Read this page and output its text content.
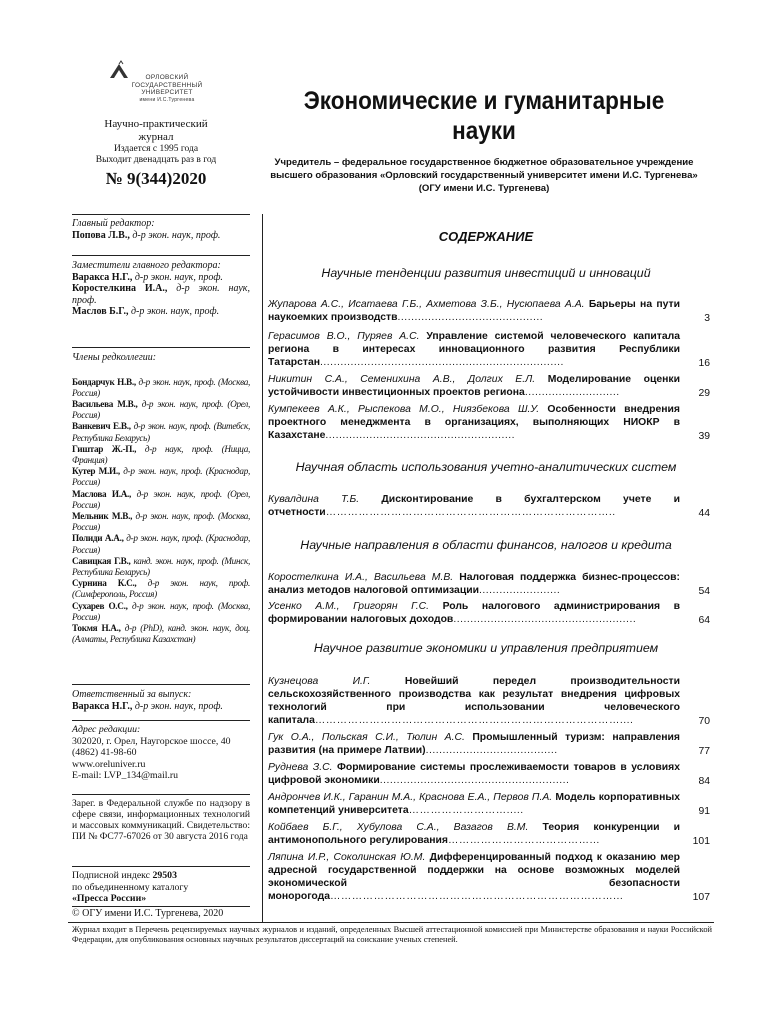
ОРЛОВСКИЙ
ГОСУДАРСТВЕННЫЙ
УНИВЕРСИТЕТ
имени И.С.Тургенева
Научно-практический
журнал
Издается с 1995 года
Выходит двенадцать раз в год
№ 9(344)2020
Экономические и гуманитарные науки
Учредитель – федеральное государственное бюджетное образовательное учреждение высшего образования «Орловский государственный университет имени И.С. Тургенева» (ОГУ имени И.С. Тургенева)
Главный редактор:
Попова Л.В., д-р экон. наук, проф.
Заместители главного редактора:
Варакса Н.Г., д-р экон. наук, проф.
Коростелкина И.А., д-р экон. наук, проф.
Маслов Б.Г., д-р экон. наук, проф.
Члены редколлегии:
Бондарчук Н.В., д-р экон. наук, проф. (Москва, Россия)
Васильева М.В., д-р экон. наук, проф. (Орел, Россия)
Ванкевич Е.В., д-р экон. наук, проф. (Витебск, Республика Беларусь)
Гиштар Ж.-П., д-р наук, проф. (Ницца, Франция)
Кутер М.И., д-р экон. наук, проф. (Краснодар, Россия)
Маслова И.А., д-р экон. наук, проф. (Орел, Россия)
Мельник М.В., д-р экон. наук, проф. (Москва, Россия)
Полиди А.А., д-р экон. наук, проф. (Краснодар, Россия)
Савицкая Г.В., канд. экон. наук, проф. (Минск, Республика Беларусь)
Сурнина К.С., д-р экон. наук, проф. (Симферополь, Россия)
Сухарев О.С., д-р экон. наук, проф. (Москва, Россия)
Токмя Н.А., д-р (PhD), канд. экон. наук, доц. (Алматы, Республика Казахстан)
Ответственный за выпуск:
Варакса Н.Г., д-р экон. наук, проф.
Адрес редакции:
302020, г. Орел, Наугорское шоссе, 40
(4862) 41-98-60
www.oreluniver.ru
E-mail: LVP_134@mail.ru
Зарег. в Федеральной службе по надзору в сфере связи, информационных технологий и массовых коммуникаций. Свидетельство: ПИ № ФС77-67026 от 30 августа 2016 года
Подписной индекс 29503
по объединенному каталогу
«Пресса России»
© ОГУ имени И.С. Тургенева, 2020
СОДЕРЖАНИЕ
Научные тенденции развития инвестиций и инноваций
Жупарова А.С., Исатаева Г.Б., Ахметова З.Б., Нусюпаева А.А. Барьеры на пути наукоемких производств...........................................	3
Герасимов В.О., Пуряев А.С. Управление системой человеческого капитала региона в интересах инновационного развития Республики Татарстан........................................................................	16
Никитин С.А., Семенихина А.В., Долгих Е.Л. Моделирование оценки устойчивости инвестиционных проектов региона............................	29
Кумпекеев А.К., Рыспекова М.О., Ниязбекова Ш.У. Особенности внедрения проектного менеджмента в организациях, выполняющих НИОКР в Казахстане........................................................	39
Научная область использования учетно-аналитических систем
Кувалдина Т.Б. Дисконтирование в бухгалтерском учете и отчетности……………………………………………………………………..	44
Научные направления в области финансов, налогов и кредита
Коростелкина И.А., Васильева М.В. Налоговая поддержка бизнес-процессов: анализ методов налоговой оптимизации........................	54
Усенко А.М., Григорян Г.С. Роль налогового администрирования в формировании налоговых доходов......................................................	64
Научное развитие экономики и управления предприятием
Кузнецова И.Г.	Новейший передел производительности сельскохозяйственного производства как результат внедрения цифровых технологий при использовании человеческого капитала…………………………………………………………………………....	70
Гук О.А., Польская С.И., Тюлин А.С. Промышленный туризм: направления развития (на примере Латвии).......................................	77
Руднева З.С. Формирование системы прослеживаемости товаров в условиях цифровой экономики........................................................	84
Андрончев И.К., Гаранин М.А., Краснова Е.А., Первов П.А. Модель корпоративных компетенций университета……………………….....	91
Койбаев Б.Г., Хубулова С.А., Вазагов В.М. Теория конкуренции и антимонопольного регулирования…………………………………...	101
Ляпина И.Р., Соколинская Ю.М. Дифференцированный подход к оказанию мер адресной государственной поддержки на основе возможных моделей экономической безопасности монорогода……………………………………………………………………...	107
Журнал входит в Перечень рецензируемых научных журналов и изданий, определенных Высшей аттестационной комиссией при Министерстве образования и науки Российской Федерации, для опубликования основных научных результатов диссертаций на соискание ученых степеней.
